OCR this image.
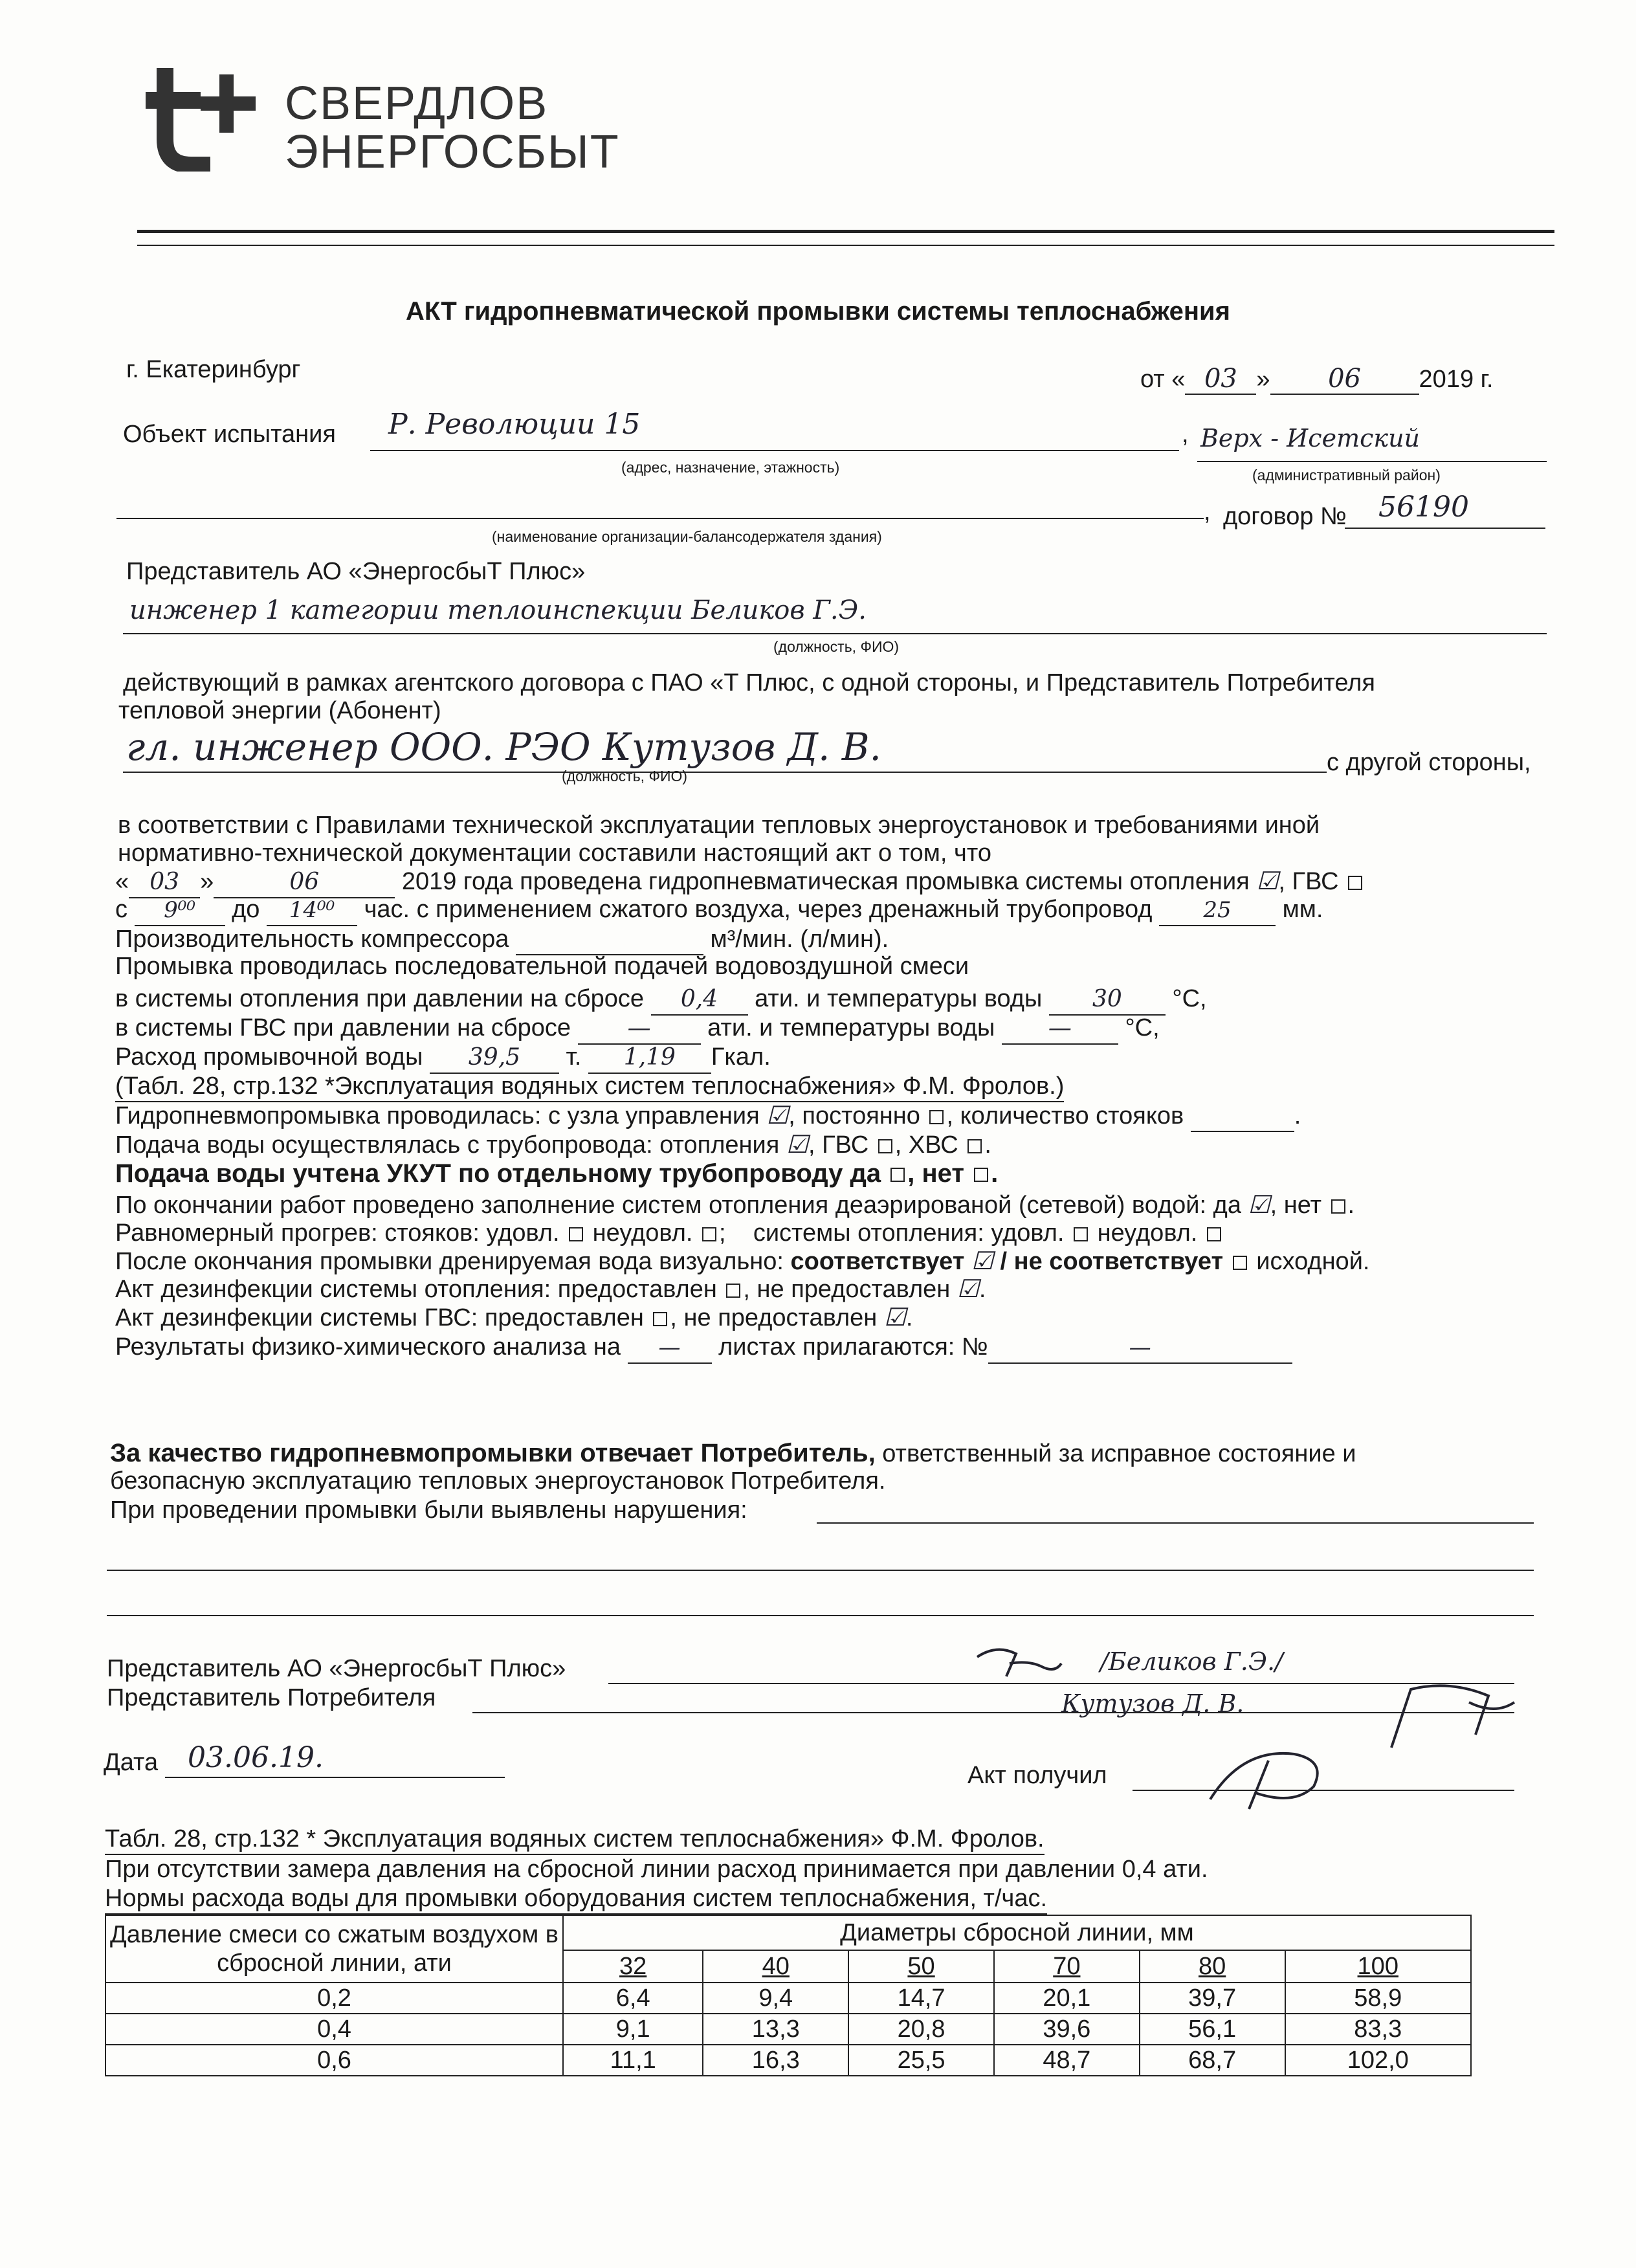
СВЕРДЛОВ
ЭНЕРГОСБЫТ
АКТ гидропневматической промывки системы теплоснабжения
г. Екатеринбург	от « 03 » 06 2019 г.
Объект испытания Р. Революции 15
(адрес, назначение, этажность)
, Верх - Исетский
(административный район)
,
(наименование организации-балансодержателя здания)
договор № 56190
Представитель АО «ЭнергосбыТ Плюс»
инженер 1 категории теплоинспекции Беликов Г.Э.
(должность, ФИО)
действующий в рамках агентского договора с ПАО «Т Плюс, с одной стороны, и Представитель Потребителя
тепловой энергии (Абонент)
гл. инженер ООО. РЭО Кутузов Д. В.
(должность, ФИО)	с другой стороны,
в соответствии с Правилами технической эксплуатации тепловых энергоустановок и требованиями иной
нормативно-технической документации составили настоящий акт о том, что
« 03 »	06	2019 года проведена гидропневматическая промывка системы отопления ☑, ГВС
с 9⁰⁰ до 14⁰⁰ час. с применением сжатого воздуха, через дренажный трубопровод 25 мм.
Производительность компрессора	м³/мин. (л/мин).
Промывка проводилась последовательной подачей водовоздушной смеси
в системы отопления при давлении на сбросе 0,4 ати. и температуры воды 30 °С,
в системы ГВС при давлении на сбросе — ати. и температуры воды — °С,
Расход промывочной воды 39,5 т. 1,19 Гкал.
(Табл. 28, стр.132 *Эксплуатация водяных систем теплоснабжения» Ф.М. Фролов.)
Гидропневмопромывка проводилась: с узла управления ☑, постоянно , количество стояков	.
Подача воды осуществлялась с трубопровода: отопления ☑, ГВС , ХВС .
Подача воды учтена УКУТ по отдельному трубопроводу да , нет .
По окончании работ проведено заполнение систем отопления деаэрированой (сетевой) водой: да ☑, нет .
Равномерный прогрев: стояков: удовл. неудовл. ;    системы отопления: удовл. неудовл.
После окончания промывки дренируемая вода визуально: соответствует ☑ / не соответствует исходной.
Акт дезинфекции системы отопления: предоставлен , не предоставлен ☑.
Акт дезинфекции системы ГВС: предоставлен , не предоставлен ☑.
Результаты физико-химического анализа на — листах прилагаются: №	—
За качество гидропневмопромывки отвечает Потребитель, ответственный за исправное состояние и
безопасную эксплуатацию тепловых энергоустановок Потребителя.
При проведении промывки были выявлены нарушения:
Представитель АО «ЭнергосбыТ Плюс»	/Беликов Г.Э./
Представитель Потребителя	Кутузов Д. В.
Дата 03.06.19.
Акт получил
Табл. 28, стр.132 * Эксплуатация водяных систем теплоснабжения» Ф.М. Фролов.
При отсутствии замера давления на сбросной линии расход принимается при давлении 0,4 ати.
Нормы расхода воды для промывки оборудования систем теплоснабжения, т/час.
Давление смеси со сжатым воздухом в сбросной линии, ати	Диаметры сбросной линии, мм					
	32	40	50	70	80	100
0,2	6,4	9,4	14,7	20,1	39,7	58,9
0,4	9,1	13,3	20,8	39,6	56,1	83,3
0,6	11,1	16,3	25,5	48,7	68,7	102,0
